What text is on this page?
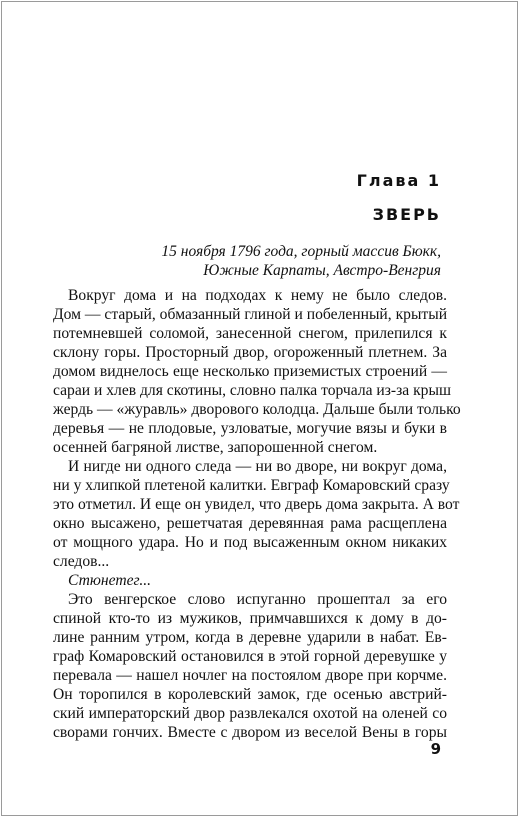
Глава 1
ЗВЕРЬ
15 ноября 1796 года, горный массив Бюкк,
Южные Карпаты, Австро-Венгрия
Вокруг дома и на подходах к нему не было следов.
Дом — старый, обмазанный глиной и побеленный, крытый
потемневшей соломой, занесенной снегом, прилепился к
склону горы. Просторный двор, огороженный плетнем. За
домом виднелось еще несколько приземистых строений —
сараи и хлев для скотины, словно палка торчала из-за крыш
жердь — «журавль» дворового колодца. Дальше были только
деревья — не плодовые, узловатые, могучие вязы и буки в
осенней багряной листве, запорошенной снегом.
И нигде ни одного следа — ни во дворе, ни вокруг дома,
ни у хлипкой плетеной калитки. Евграф Комаровский сразу
это отметил. И еще он увидел, что дверь дома закрыта. А вот
окно высажено, решетчатая деревянная рама расщеплена
от мощного удара. Но и под высаженным окном никаких
следов...
Стюнетег...
Это венгерское слово испуганно прошептал за его
спиной кто-то из мужиков, примчавшихся к дому в до-
лине ранним утром, когда в деревне ударили в набат. Ев-
граф Комаровский остановился в этой горной деревушке у
перевала — нашел ночлег на постоялом дворе при корчме.
Он торопился в королевский замок, где осенью австрий-
ский императорский двор развлекался охотой на оленей со
сворами гончих. Вместе с двором из веселой Вены в горы
9
